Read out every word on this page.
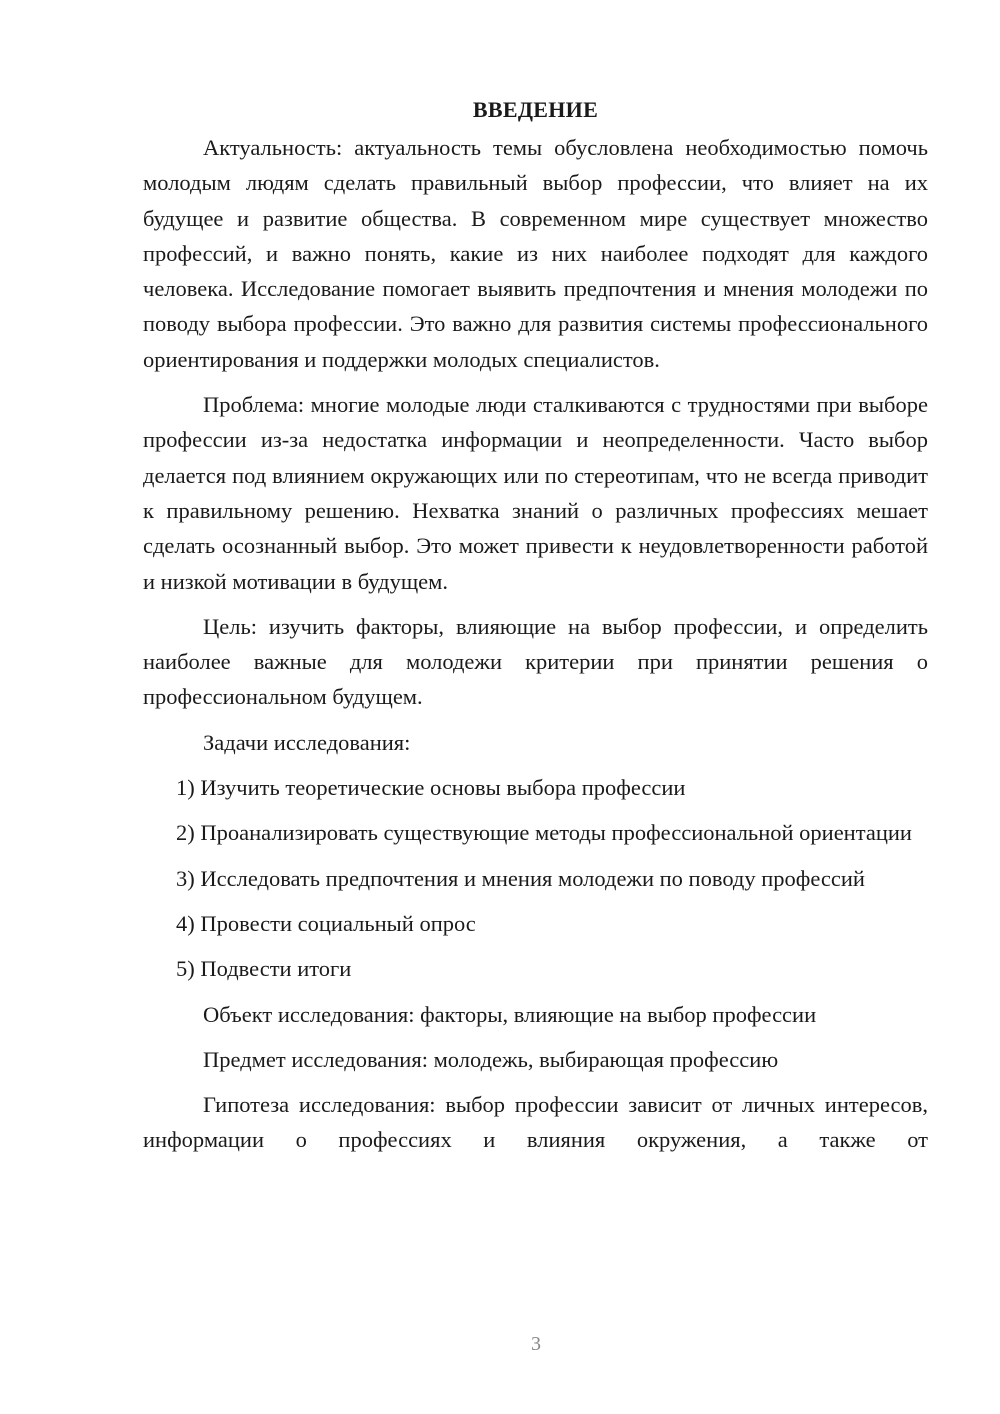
ВВЕДЕНИЕ

Актуальность: актуальность темы обусловлена необходимостью помочь молодым людям сделать правильный выбор профессии, что влияет на их будущее и развитие общества. В современном мире существует множество профессий, и важно понять, какие из них наиболее подходят для каждого человека. Исследование помогает выявить предпочтения и мнения молодежи по поводу выбора профессии. Это важно для развития системы профессионального ориентирования и поддержки молодых специалистов.

Проблема: многие молодые люди сталкиваются с трудностями при выборе профессии из-за недостатка информации и неопределенности. Часто выбор делается под влиянием окружающих или по стереотипам, что не всегда приводит к правильному решению. Нехватка знаний о различных профессиях мешает сделать осознанный выбор. Это может привести к неудовлетворенности работой и низкой мотивации в будущем.

Цель: изучить факторы, влияющие на выбор профессии, и определить наиболее важные для молодежи критерии при принятии решения о профессиональном будущем.

Задачи исследования:

1) Изучить теоретические основы выбора профессии

2) Проанализировать существующие методы профессиональной ориентации

3) Исследовать предпочтения и мнения молодежи по поводу профессий

4) Провести социальный опрос

5) Подвести итоги

Объект исследования: факторы, влияющие на выбор профессии

Предмет исследования: молодежь, выбирающая профессию

Гипотеза исследования: выбор профессии зависит от личных интересов, информации о профессиях и влияния окружения, а также от

3
